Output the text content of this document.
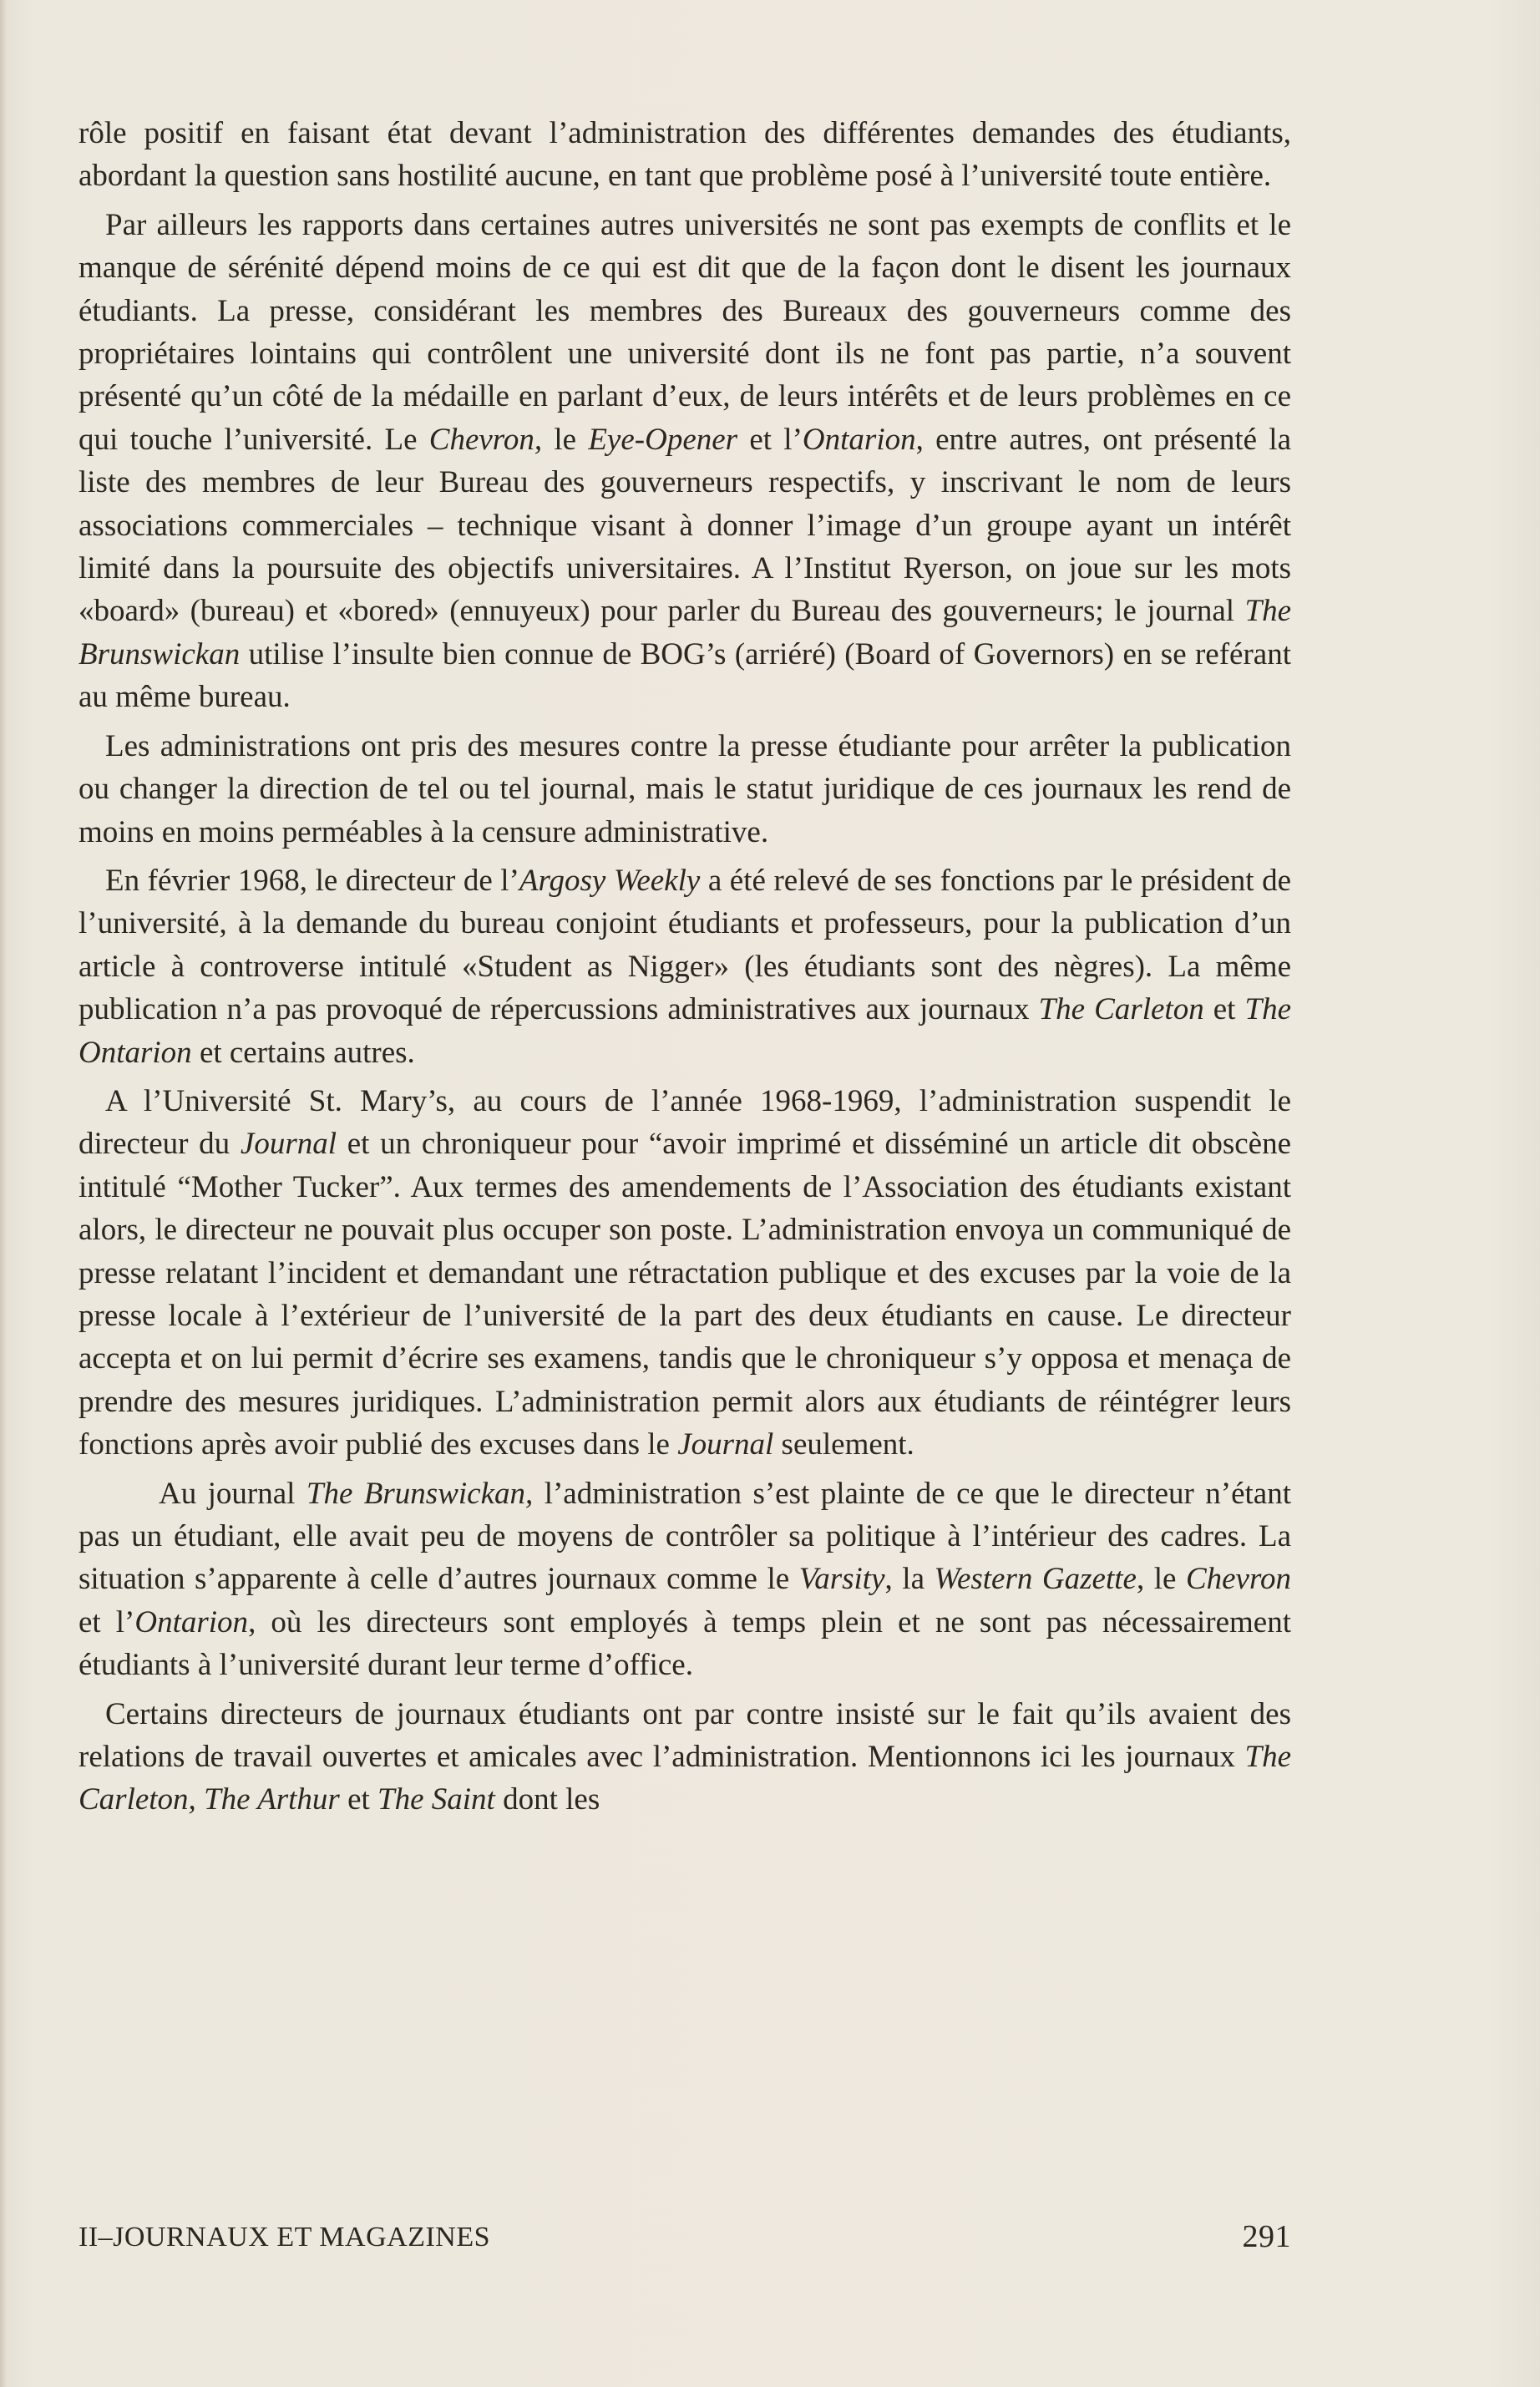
rôle positif en faisant état devant l’administration des différentes demandes des étudiants, abordant la question sans hostilité aucune, en tant que problème posé à l’université toute entière.

Par ailleurs les rapports dans certaines autres universités ne sont pas exempts de conflits et le manque de sérénité dépend moins de ce qui est dit que de la façon dont le disent les journaux étudiants. La presse, considérant les membres des Bureaux des gouverneurs comme des propriétaires lointains qui contrôlent une université dont ils ne font pas partie, n’a souvent présenté qu’un côté de la médaille en parlant d’eux, de leurs intérêts et de leurs problèmes en ce qui touche l’université. Le Chevron, le Eye-Opener et l’Ontarion, entre autres, ont présenté la liste des membres de leur Bureau des gouverneurs respectifs, y inscrivant le nom de leurs associations commerciales – technique visant à donner l’image d’un groupe ayant un intérêt limité dans la poursuite des objectifs universitaires. A l’Institut Ryerson, on joue sur les mots «board» (bureau) et «bored» (ennuyeux) pour parler du Bureau des gouverneurs; le journal The Brunswickan utilise l’insulte bien connue de BOG’s (arriéré) (Board of Governors) en se reférant au même bureau.

Les administrations ont pris des mesures contre la presse étudiante pour arrêter la publication ou changer la direction de tel ou tel journal, mais le statut juridique de ces journaux les rend de moins en moins perméables à la censure administrative.

En février 1968, le directeur de l’Argosy Weekly a été relevé de ses fonctions par le président de l’université, à la demande du bureau conjoint étudiants et professeurs, pour la publication d’un article à controverse intitulé «Student as Nigger» (les étudiants sont des nègres). La même publication n’a pas provoqué de répercussions administratives aux journaux The Carleton et The Ontarion et certains autres.

A l’Université St. Mary’s, au cours de l’année 1968-1969, l’administration suspendit le directeur du Journal et un chroniqueur pour “avoir imprimé et disséminé un article dit obscène intitulé “Mother Tucker”. Aux termes des amendements de l’Association des étudiants existant alors, le directeur ne pouvait plus occuper son poste. L’administration envoya un communiqué de presse relatant l’incident et demandant une rétractation publique et des excuses par la voie de la presse locale à l’extérieur de l’université de la part des deux étudiants en cause. Le directeur accepta et on lui permit d’écrire ses examens, tandis que le chroniqueur s’y opposa et menaça de prendre des mesures juridiques. L’administration permit alors aux étudiants de réintégrer leurs fonctions après avoir publié des excuses dans le Journal seulement.

Au journal The Brunswickan, l’administration s’est plainte de ce que le directeur n’étant pas un étudiant, elle avait peu de moyens de contrôler sa politique à l’intérieur des cadres. La situation s’apparente à celle d’autres journaux comme le Varsity, la Western Gazette, le Chevron et l’Ontarion, où les directeurs sont employés à temps plein et ne sont pas nécessairement étudiants à l’université durant leur terme d’office.

Certains directeurs de journaux étudiants ont par contre insisté sur le fait qu’ils avaient des relations de travail ouvertes et amicales avec l’administration. Mentionnons ici les journaux The Carleton, The Arthur et The Saint dont les

II–JOURNAUX ET MAGAZINES	291
